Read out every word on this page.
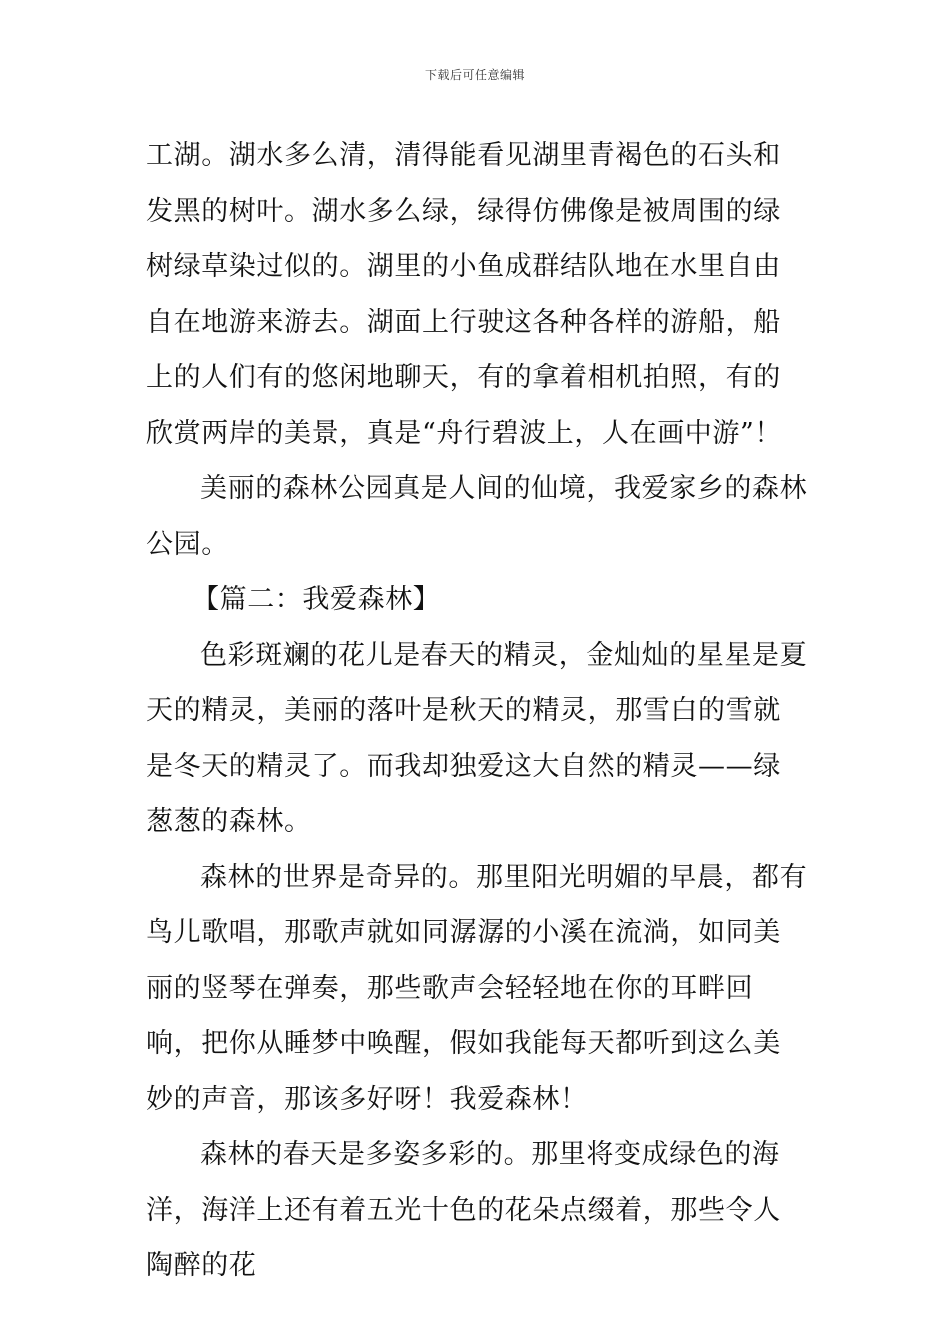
下载后可任意编辑

工湖。湖水多么清，清得能看见湖里青褐色的石头和发黑的树叶。湖水多么绿，绿得仿佛像是被周围的绿树绿草染过似的。湖里的小鱼成群结队地在水里自由自在地游来游去。湖面上行驶这各种各样的游船，船上的人们有的悠闲地聊天，有的拿着相机拍照，有的欣赏两岸的美景，真是“舟行碧波上，人在画中游”！

美丽的森林公园真是人间的仙境，我爱家乡的森林公园。

【篇二：我爱森林】

色彩斑斓的花儿是春天的精灵，金灿灿的星星是夏天的精灵，美丽的落叶是秋天的精灵，那雪白的雪就是冬天的精灵了。而我却独爱这大自然的精灵——绿葱葱的森林。

森林的世界是奇异的。那里阳光明媚的早晨，都有鸟儿歌唱，那歌声就如同潺潺的小溪在流淌，如同美丽的竖琴在弹奏，那些歌声会轻轻地在你的耳畔回响，把你从睡梦中唤醒，假如我能每天都听到这么美妙的声音，那该多好呀！我爱森林！

森林的春天是多姿多彩的。那里将变成绿色的海洋，海洋上还有着五光十色的花朵点缀着，那些令人陶醉的花
